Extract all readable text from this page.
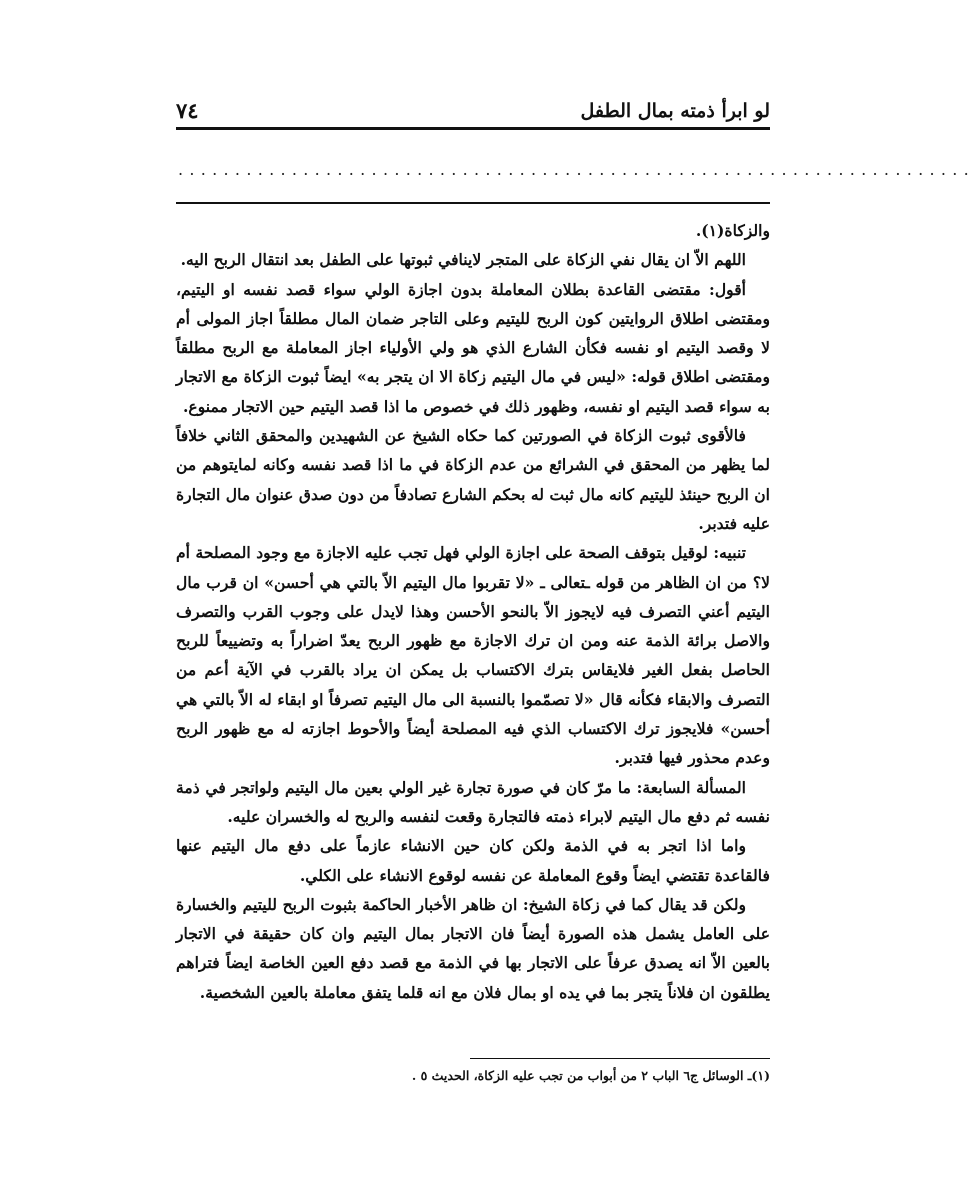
٧٤	لو ابرأ ذمته بمال الطفل
......................................................................

والزكاة(١).

اللهم الاّ ان يقال نفي الزكاة على المتجر لاينافي ثبوتها على الطفل بعد انتقال الربح اليه.

أقول: مقتضى القاعدة بطلان المعاملة بدون اجازة الولي سواء قصد نفسه او اليتيم، ومقتضى اطلاق الروايتين كون الربح لليتيم وعلى التاجر ضمان المال مطلقاً اجاز المولى أم لا وقصد اليتيم او نفسه فكأن الشارع الذي هو ولي الأولياء اجاز المعاملة مع الربح مطلقاً ومقتضى اطلاق قوله: «ليس في مال اليتيم زكاة الا ان يتجر به» ايضاً ثبوت الزكاة مع الاتجار به سواء قصد اليتيم او نفسه، وظهور ذلك في خصوص ما اذا قصد اليتيم حين الاتجار ممنوع.

فالأقوى ثبوت الزكاة في الصورتين كما حكاه الشيخ عن الشهيدين والمحقق الثاني خلافاً لما يظهر من المحقق في الشرائع من عدم الزكاة في ما اذا قصد نفسه وكانه لمايتوهم من ان الربح حينئذ لليتيم كانه مال ثبت له بحكم الشارع تصادفاً من دون صدق عنوان مال التجارة عليه فتدبر.

تنبيه: لوقيل بتوقف الصحة على اجازة الولي فهل تجب عليه الاجازة مع وجود المصلحة أم لا؟ من ان الظاهر من قوله ـتعالى ـ «لا تقربوا مال اليتيم الاّ بالتي هي أحسن» ان قرب مال اليتيم أعني التصرف فيه لايجوز الاّ بالنحو الأحسن وهذا لايدل على وجوب القرب والتصرف والاصل برائة الذمة عنه ومن ان ترك الاجازة مع ظهور الربح يعدّ اضراراً به وتضييعاً للربح الحاصل بفعل الغير فلايقاس بترك الاكتساب بل يمكن ان يراد بالقرب في الآية أعم من التصرف والابقاء فكأنه قال «لا تصمّموا بالنسبة الى مال اليتيم تصرفاً او ابقاء له الاّ بالتي هي أحسن» فلايجوز ترك الاكتساب الذي فيه المصلحة أيضاً والأحوط اجازته له مع ظهور الربح وعدم محذور فيها فتدبر.

المسألة السابعة: ما مرّ كان في صورة تجارة غير الولي بعين مال اليتيم ولواتجر في ذمة نفسه ثم دفع مال اليتيم لابراء ذمته فالتجارة وقعت لنفسه والربح له والخسران عليه.

واما اذا اتجر به في الذمة ولكن كان حين الانشاء عازماً على دفع مال اليتيم عنها فالقاعدة تقتضي ايضاً وقوع المعاملة عن نفسه لوقوع الانشاء على الكلي.

ولكن قد يقال كما في زكاة الشيخ: ان ظاهر الأخبار الحاكمة بثبوت الربح لليتيم والخسارة على العامل يشمل هذه الصورة أيضاً فان الاتجار بمال اليتيم وان كان حقيقة في الاتجار بالعين الاّ انه يصدق عرفاً على الاتجار بها في الذمة مع قصد دفع العين الخاصة ايضاً فتراهم يطلقون ان فلاناً يتجر بما في يده او بمال فلان مع انه قلما يتفق معاملة بالعين الشخصية.

(١)ـ الوسائل ج٦ الباب ٢ من أبواب من تجب عليه الزكاة، الحديث ٥ .
